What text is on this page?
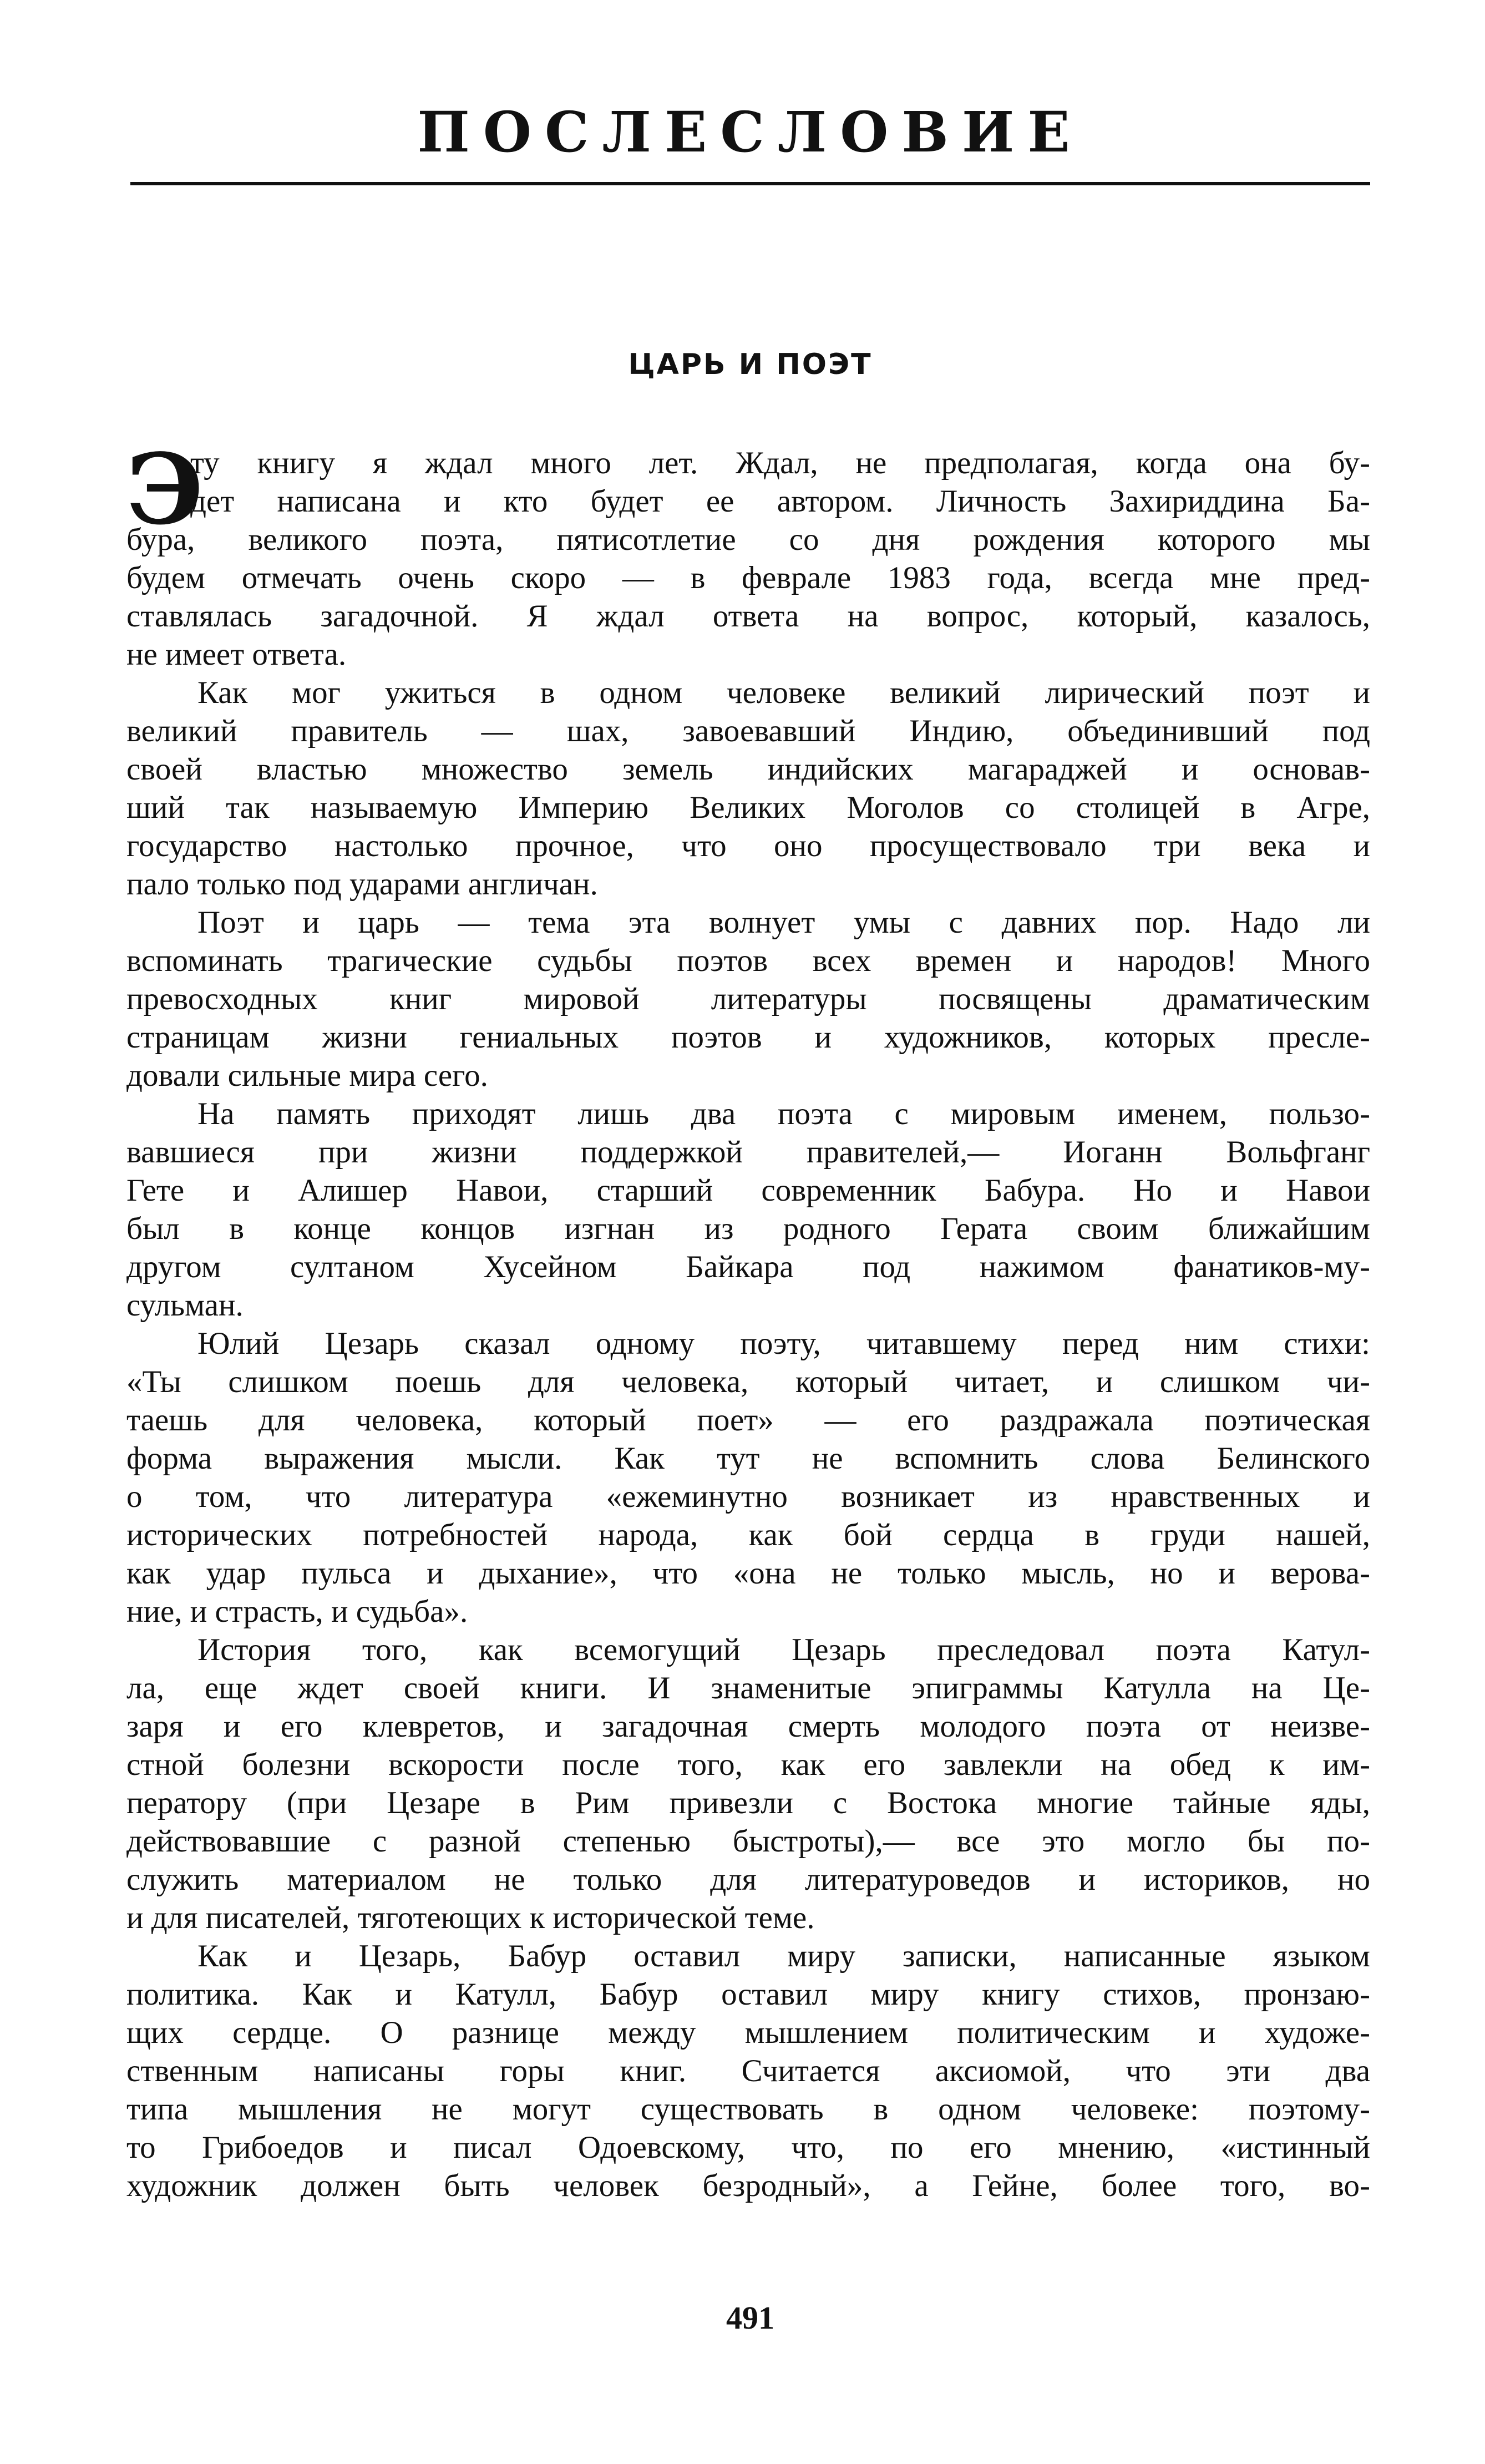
ПОСЛЕСЛОВИЕ
ЦАРЬ И ПОЭТ
Э
ту книгу я ждал много лет. Ждал, не предполагая, когда она бу-
дет написана и кто будет ее автором. Личность Захириддина Ба-
бура, великого поэта, пятисотлетие со дня рождения которого мы
будем отмечать очень скоро — в феврале 1983 года, всегда мне пред-
ставлялась загадочной. Я ждал ответа на вопрос, который, казалось,
не имеет ответа.
Как мог ужиться в одном человеке великий лирический поэт и
великий правитель — шах, завоевавший Индию, объединивший под
своей властью множество земель индийских магараджей и основав-
ший так называемую Империю Великих Моголов со столицей в Агре,
государство настолько прочное, что оно просуществовало три века и
пало только под ударами англичан.
Поэт и царь — тема эта волнует умы с давних пор. Надо ли
вспоминать трагические судьбы поэтов всех времен и народов! Много
превосходных книг мировой литературы посвящены драматическим
страницам жизни гениальных поэтов и художников, которых пресле-
довали сильные мира сего.
На память приходят лишь два поэта с мировым именем, пользо-
вавшиеся при жизни поддержкой правителей,— Иоганн Вольфганг
Гете и Алишер Навои, старший современник Бабура. Но и Навои
был в конце концов изгнан из родного Герата своим ближайшим
другом султаном Хусейном Байкара под нажимом фанатиков-му-
сульман.
Юлий Цезарь сказал одному поэту, читавшему перед ним стихи:
«Ты слишком поешь для человека, который читает, и слишком чи-
таешь для человека, который поет» — его раздражала поэтическая
форма выражения мысли. Как тут не вспомнить слова Белинского
о том, что литература «ежеминутно возникает из нравственных и
исторических потребностей народа, как бой сердца в груди нашей,
как удар пульса и дыхание», что «она не только мысль, но и верова-
ние, и страсть, и судьба».
История того, как всемогущий Цезарь преследовал поэта Катул-
ла, еще ждет своей книги. И знаменитые эпиграммы Катулла на Це-
заря и его клевретов, и загадочная смерть молодого поэта от неизве-
стной болезни вскорости после того, как его завлекли на обед к им-
ператору (при Цезаре в Рим привезли с Востока многие тайные яды,
действовавшие с разной степенью быстроты),— все это могло бы по-
служить материалом не только для литературоведов и историков, но
и для писателей, тяготеющих к исторической теме.
Как и Цезарь, Бабур оставил миру записки, написанные языком
политика. Как и Катулл, Бабур оставил миру книгу стихов, пронзаю-
щих сердце. О разнице между мышлением политическим и художе-
ственным написаны горы книг. Считается аксиомой, что эти два
типа мышления не могут существовать в одном человеке: поэтому-
то Грибоедов и писал Одоевскому, что, по его мнению, «истинный
художник должен быть человек безродный», а Гейне, более того, во-
491
